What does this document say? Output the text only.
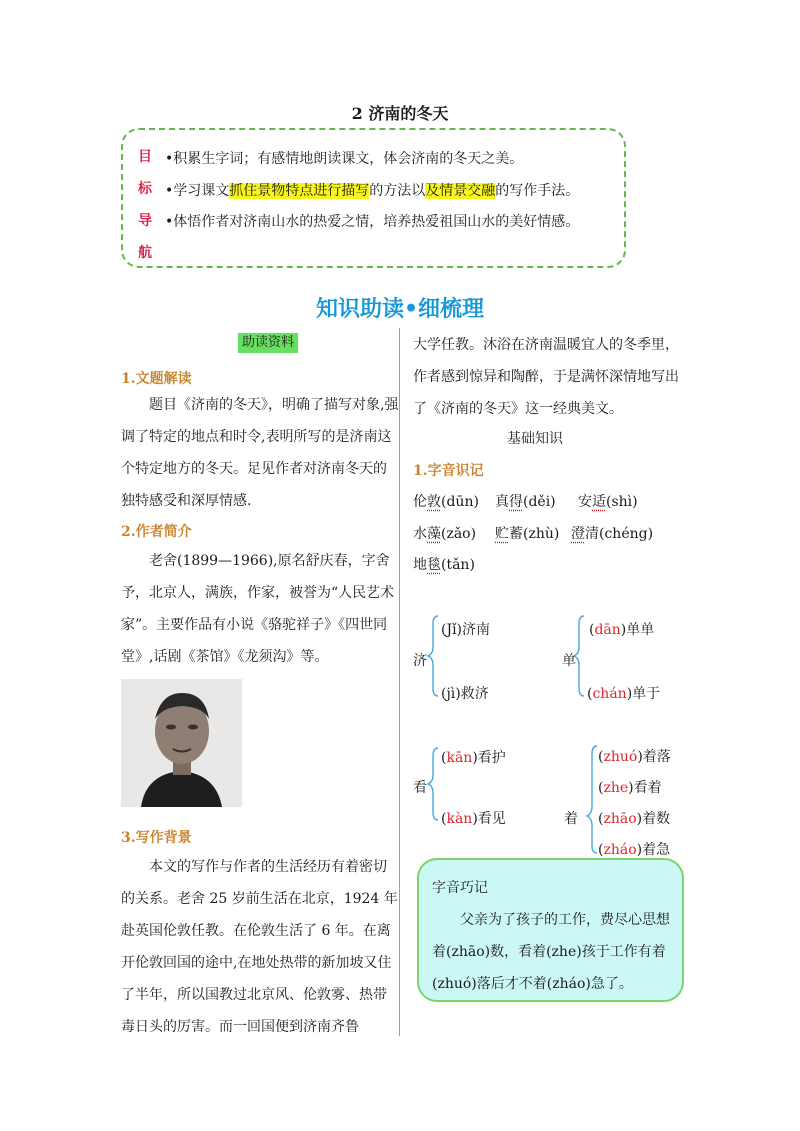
2 济南的冬天
目
标
导
航
•积累生字词；有感情地朗读课文，体会济南的冬天之美。
•学习课文抓住景物特点进行描写的方法以及情景交融的写作手法。
•体悟作者对济南山水的热爱之情，培养热爱祖国山水的美好情感。
知识助读•细梳理
助读资料
1.文题解读
　　题目《济南的冬天》，明确了描写对象,强调了特定的地点和时令,表明所写的是济南这个特定地方的冬天。足见作者对济南冬天的独特感受和深厚情感.
2.作者简介
　　老舍(1899—1966),原名舒庆春，字舍予，北京人，满族，作家，被誉为“人民艺术家”。主要作品有小说《骆驼祥子》《四世同堂》,话剧《茶馆》《龙须沟》等。
3.写作背景
　　本文的写作与作者的生活经历有着密切的关系。老舍 25 岁前生活在北京，1924 年赴英国伦敦任教。在伦敦生活了 6 年。在离开伦敦回国的途中,在地处热带的新加坡又住了半年，所以国教过北京风、伦敦雾、热带毒日头的厉害。而一回国便到济南齐鲁
大学任教。沐浴在济南温暖宜人的冬季里，作者感到惊异和陶醉，于是满怀深情地写出了《济南的冬天》这一经典美文。
基础知识
1.字音识记
伦敦(dūn) 真得(děi) 安适(shì)
水藻(zǎo) 贮蓄(zhù) 澄清(chéng)
地毯(tǎn)
济
(Jǐ)济南
(jì)救济
单
(dān)单单
(chán)单于
看
(kān)看护
(kàn)看见	着
(zhuó)着落
(zhe)看着
(zhāo)着数
(zháo)着急
字音巧记
　　父亲为了孩子的工作，费尽心思想
着(zhāo)数，看着(zhe)孩于工作有着
(zhuó)落后才不着(zháo)急了。
